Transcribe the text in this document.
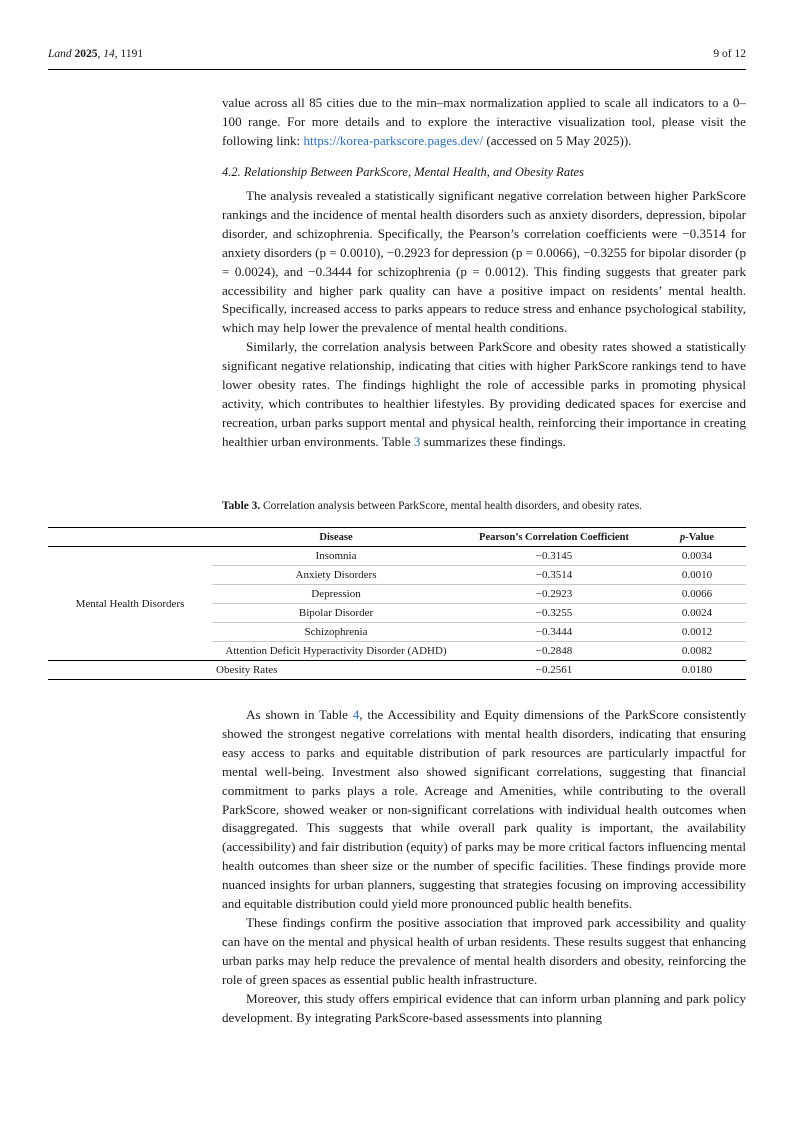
Land 2025, 14, 1191	9 of 12

value across all 85 cities due to the min–max normalization applied to scale all indicators to a 0–100 range. For more details and to explore the interactive visualization tool, please visit the following link: https://korea-parkscore.pages.dev/ (accessed on 5 May 2025)).

4.2. Relationship Between ParkScore, Mental Health, and Obesity Rates

The analysis revealed a statistically significant negative correlation between higher ParkScore rankings and the incidence of mental health disorders such as anxiety disorders, depression, bipolar disorder, and schizophrenia. Specifically, the Pearson’s correlation coefficients were −0.3514 for anxiety disorders (p = 0.0010), −0.2923 for depression (p = 0.0066), −0.3255 for bipolar disorder (p = 0.0024), and −0.3444 for schizophrenia (p = 0.0012). This finding suggests that greater park accessibility and higher park quality can have a positive impact on residents’ mental health. Specifically, increased access to parks appears to reduce stress and enhance psychological stability, which may help lower the prevalence of mental health conditions.

Similarly, the correlation analysis between ParkScore and obesity rates showed a statistically significant negative relationship, indicating that cities with higher ParkScore rankings tend to have lower obesity rates. The findings highlight the role of accessible parks in promoting physical activity, which contributes to healthier lifestyles. By providing dedicated spaces for exercise and recreation, urban parks support mental and physical health, reinforcing their importance in creating healthier urban environments. Table 3 summarizes these findings.

Table 3. Correlation analysis between ParkScore, mental health disorders, and obesity rates.
	Disease	Pearson’s Correlation Coefficient	p-Value
Mental Health Disorders	Insomnia	−0.3145	0.0034
	Anxiety Disorders	−0.3514	0.0010
	Depression	−0.2923	0.0066
	Bipolar Disorder	−0.3255	0.0024
	Schizophrenia	−0.3444	0.0012
	Attention Deficit Hyperactivity Disorder (ADHD)	−0.2848	0.0082
	Obesity Rates	−0.2561	0.0180

As shown in Table 4, the Accessibility and Equity dimensions of the ParkScore consistently showed the strongest negative correlations with mental health disorders, indicating that ensuring easy access to parks and equitable distribution of park resources are particularly impactful for mental well-being. Investment also showed significant correlations, suggesting that financial commitment to parks plays a role. Acreage and Amenities, while contributing to the overall ParkScore, showed weaker or non-significant correlations with individual health outcomes when disaggregated. This suggests that while overall park quality is important, the availability (accessibility) and fair distribution (equity) of parks may be more critical factors influencing mental health outcomes than sheer size or the number of specific facilities. These findings provide more nuanced insights for urban planners, suggesting that strategies focusing on improving accessibility and equitable distribution could yield more pronounced public health benefits.

These findings confirm the positive association that improved park accessibility and quality can have on the mental and physical health of urban residents. These results suggest that enhancing urban parks may help reduce the prevalence of mental health disorders and obesity, reinforcing the role of green spaces as essential public health infrastructure.

Moreover, this study offers empirical evidence that can inform urban planning and park policy development. By integrating ParkScore-based assessments into planning
